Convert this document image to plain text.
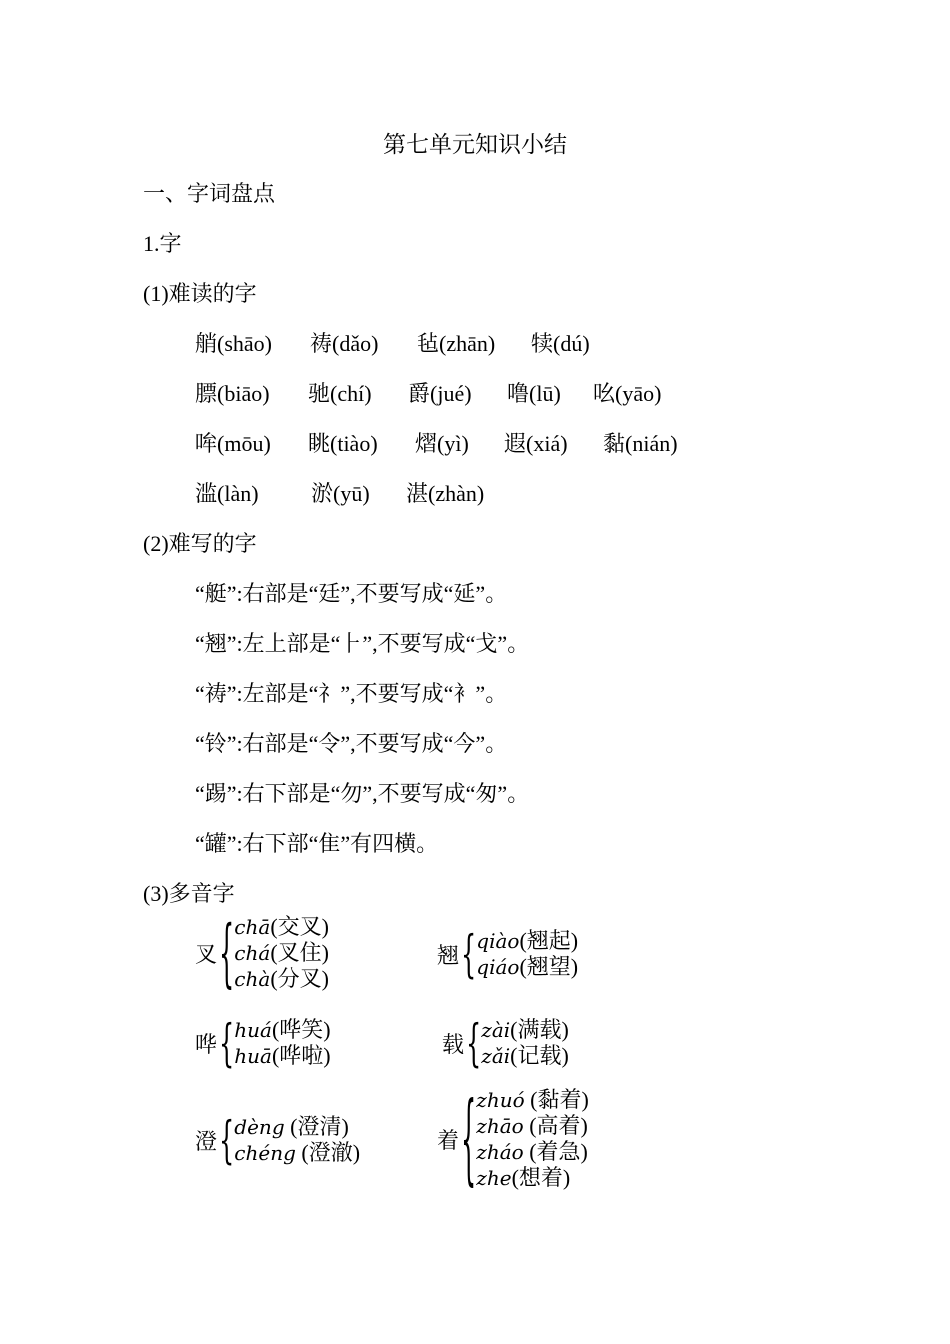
第七单元知识小结
一、字词盘点
1.字
(1)难读的字
艄(shāo) 祷(dǎo) 毡(zhān) 犊(dú)
膘(biāo) 驰(chí) 爵(jué) 噜(lū) 吆(yāo)
哞(mōu) 眺(tiào) 熠(yì) 遐(xiá) 黏(nián)
滥(làn) 淤(yū) 湛(zhàn)
(2)难写的字
“艇”:右部是“廷”,不要写成“延”。
“翘”:左上部是“⺊”,不要写成“戈”。
“祷”:左部是“礻”,不要写成“衤”。
“铃”:右部是“令”,不要写成“今”。
“踢”:右下部是“勿”,不要写成“匆”。
“罐”:右下部“隹”有四横。
(3)多音字
叉 { chā(交叉)
chá(叉住)
chà(分叉)
翘 { qiào(翘起)
qiáo(翘望)
哗 { huá(哗笑)
huā(哗啦)	载 { zài(满载)
zǎi(记载)
澄 { dèng (澄清)
chéng (澄澈)	着 { zhuó (黏着)
zhāo (高着)
zháo (着急)
zhe(想着)
